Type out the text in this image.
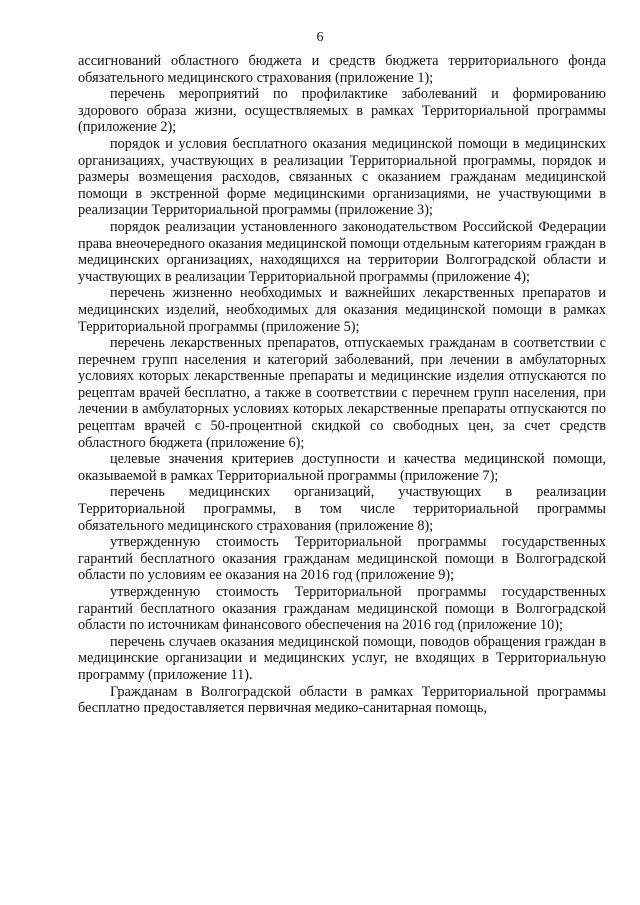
6

ассигнований областного бюджета и средств бюджета территориального фонда обязательного медицинского страхования (приложение 1);

перечень мероприятий по профилактике заболеваний и формированию здорового образа жизни, осуществляемых в рамках Территориальной программы (приложение 2);

порядок и условия бесплатного оказания медицинской помощи в медицинских организациях, участвующих в реализации Территориальной программы, порядок и размеры возмещения расходов, связанных с оказанием гражданам медицинской помощи в экстренной форме медицинскими организациями, не участвующими в реализации Территориальной программы (приложение 3);

порядок реализации установленного законодательством Российской Федерации права внеочередного оказания медицинской помощи отдельным категориям граждан в медицинских организациях, находящихся на территории Волгоградской области и участвующих в реализации Территориальной программы (приложение 4);

перечень жизненно необходимых и важнейших лекарственных препаратов и медицинских изделий, необходимых для оказания медицинской помощи в рамках Территориальной программы (приложение 5);

перечень лекарственных препаратов, отпускаемых гражданам в соответствии с перечнем групп населения и категорий заболеваний, при лечении в амбулаторных условиях которых лекарственные препараты и медицинские изделия отпускаются по рецептам врачей бесплатно, а также в соответствии с перечнем групп населения, при лечении в амбулаторных условиях которых лекарственные препараты отпускаются по рецептам врачей с 50-процентной скидкой со свободных цен, за счет средств областного бюджета (приложение 6);

целевые значения критериев доступности и качества медицинской помощи, оказываемой в рамках Территориальной программы (приложение 7);

перечень медицинских организаций, участвующих в реализации Территориальной программы, в том числе территориальной программы обязательного медицинского страхования (приложение 8);

утвержденную стоимость Территориальной программы государственных гарантий бесплатного оказания гражданам медицинской помощи в Волгоградской области по условиям ее оказания на 2016 год (приложение 9);

утвержденную стоимость Территориальной программы государственных гарантий бесплатного оказания гражданам медицинской помощи в Волгоградской области по источникам финансового обеспечения на 2016 год (приложение 10);

перечень случаев оказания медицинской помощи, поводов обращения граждан в медицинские организации и медицинских услуг, не входящих в Территориальную программу (приложение 11).

Гражданам в Волгоградской области в рамках Территориальной программы бесплатно предоставляется первичная медико-санитарная помощь,
